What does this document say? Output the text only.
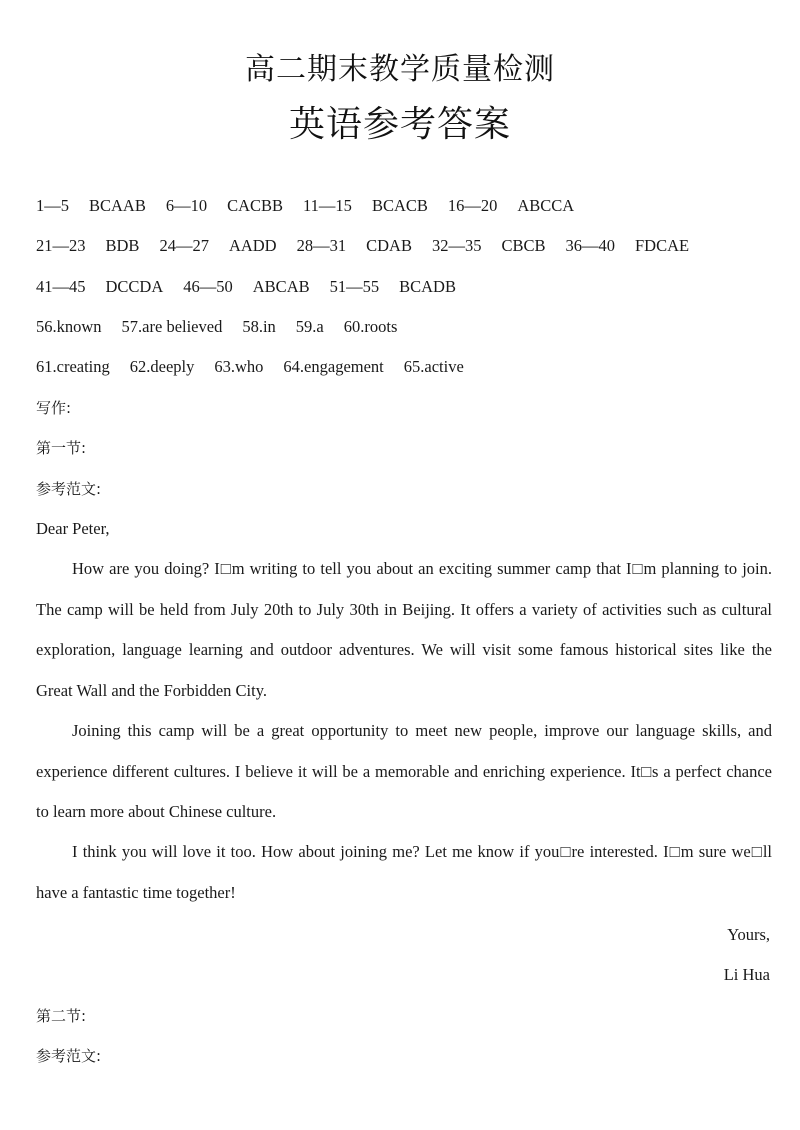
高二期末教学质量检测
英语参考答案
1—5 BCAAB 6—10 CACBB 11—15 BCACB 16—20 ABCCA
21—23 BDB 24—27 AADD 28—31 CDAB 32—35 CBCB 36—40 FDCAE
41—45 DCCDA 46—50 ABCAB 51—55 BCADB
56.known 57.are believed 58.in 59.a 60.roots
61.creating 62.deeply 63.who 64.engagement 65.active
写作:
第一节:
参考范文:
Dear Peter,

How are you doing? I□m writing to tell you about an exciting summer camp that I□m planning to join. The camp will be held from July 20th to July 30th in Beijing. It offers a variety of activities such as cultural exploration, language learning and outdoor adventures. We will visit some famous historical sites like the Great Wall and the Forbidden City.

Joining this camp will be a great opportunity to meet new people, improve our language skills, and experience different cultures. I believe it will be a memorable and enriching experience. It□s a perfect chance to learn more about Chinese culture.

I think you will love it too. How about joining me? Let me know if you□re interested. I□m sure we□ll have a fantastic time together!

Yours,
Li Hua
第二节:
参考范文:
